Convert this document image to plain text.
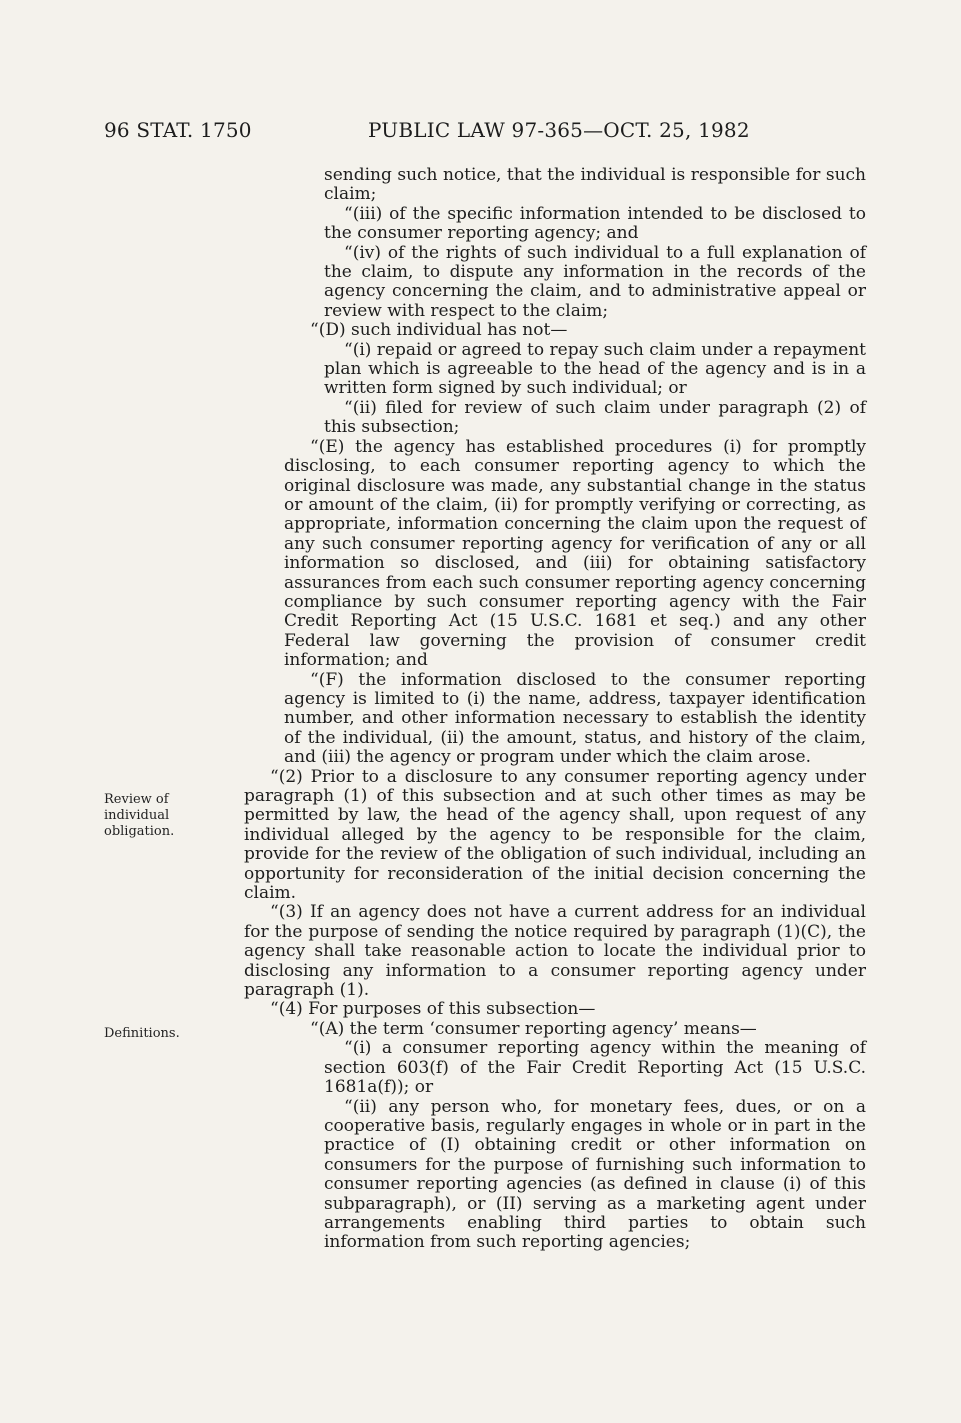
96 STAT. 1750	PUBLIC LAW 97-365—OCT. 25, 1982
Review of individual obligation.
Definitions.

sending such notice, that the individual is responsible for such claim;

“(iii) of the specific information intended to be disclosed to the consumer reporting agency; and

“(iv) of the rights of such individual to a full explanation of the claim, to dispute any information in the records of the agency concerning the claim, and to administrative appeal or review with respect to the claim;

“(D) such individual has not—

“(i) repaid or agreed to repay such claim under a repayment plan which is agreeable to the head of the agency and is in a written form signed by such individual; or

“(ii) filed for review of such claim under paragraph (2) of this subsection;

“(E) the agency has established procedures (i) for promptly disclosing, to each consumer reporting agency to which the original disclosure was made, any substantial change in the status or amount of the claim, (ii) for promptly verifying or correcting, as appropriate, information concerning the claim upon the request of any such consumer reporting agency for verification of any or all information so disclosed, and (iii) for obtaining satisfactory assurances from each such consumer reporting agency concerning compliance by such consumer reporting agency with the Fair Credit Reporting Act (15 U.S.C. 1681 et seq.) and any other Federal law governing the provision of consumer credit information; and

“(F) the information disclosed to the consumer reporting agency is limited to (i) the name, address, taxpayer identification number, and other information necessary to establish the identity of the individual, (ii) the amount, status, and history of the claim, and (iii) the agency or program under which the claim arose.

“(2) Prior to a disclosure to any consumer reporting agency under paragraph (1) of this subsection and at such other times as may be permitted by law, the head of the agency shall, upon request of any individual alleged by the agency to be responsible for the claim, provide for the review of the obligation of such individual, including an opportunity for reconsideration of the initial decision concerning the claim.

“(3) If an agency does not have a current address for an individual for the purpose of sending the notice required by paragraph (1)(C), the agency shall take reasonable action to locate the individual prior to disclosing any information to a consumer reporting agency under paragraph (1).

“(4) For purposes of this subsection—

“(A) the term ‘consumer reporting agency’ means—

“(i) a consumer reporting agency within the meaning of section 603(f) of the Fair Credit Reporting Act (15 U.S.C. 1681a(f)); or

“(ii) any person who, for monetary fees, dues, or on a cooperative basis, regularly engages in whole or in part in the practice of (I) obtaining credit or other information on consumers for the purpose of furnishing such information to consumer reporting agencies (as defined in clause (i) of this subparagraph), or (II) serving as a marketing agent under arrangements enabling third parties to obtain such information from such reporting agencies;
